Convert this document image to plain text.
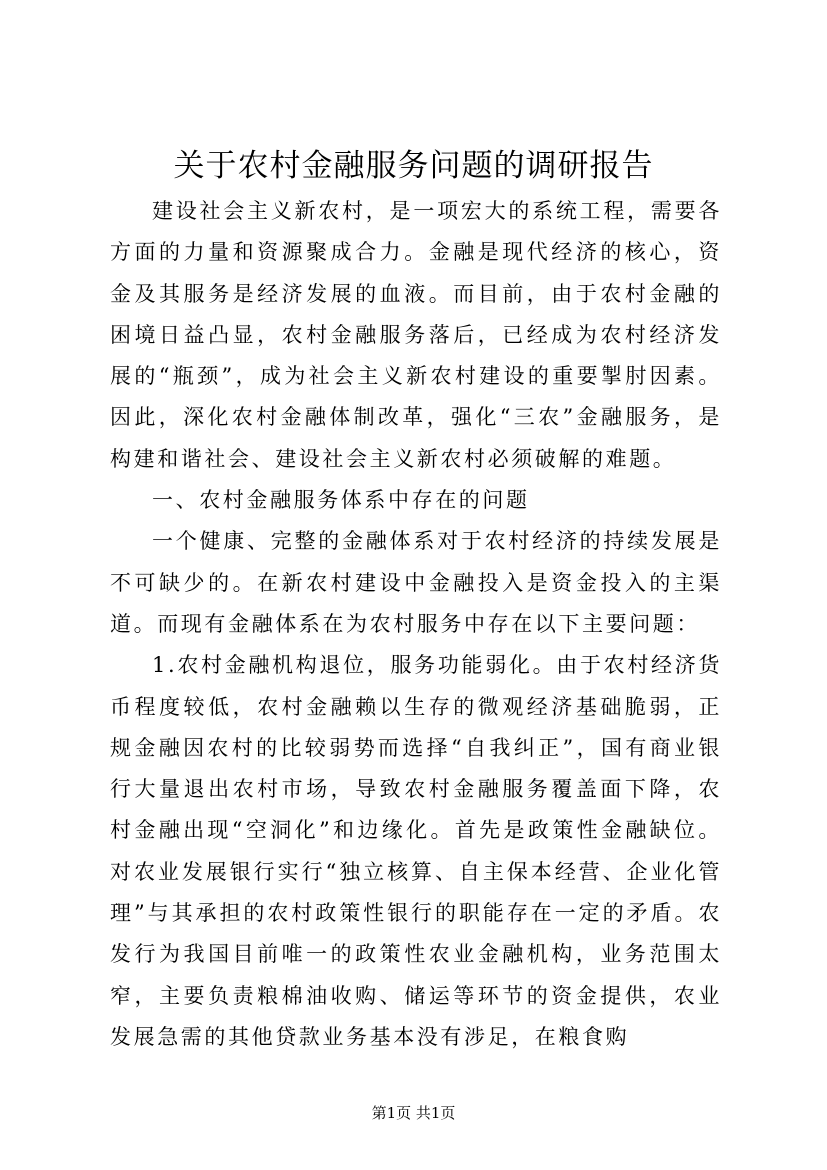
关于农村金融服务问题的调研报告

建设社会主义新农村，是一项宏大的系统工程，需要各方面的力量和资源聚成合力。金融是现代经济的核心，资金及其服务是经济发展的血液。而目前，由于农村金融的困境日益凸显，农村金融服务落后，已经成为农村经济发展的“瓶颈”，成为社会主义新农村建设的重要掣肘因素。因此，深化农村金融体制改革，强化“三农”金融服务，是构建和谐社会、建设社会主义新农村必须破解的难题。

一、农村金融服务体系中存在的问题

一个健康、完整的金融体系对于农村经济的持续发展是不可缺少的。在新农村建设中金融投入是资金投入的主渠道。而现有金融体系在为农村服务中存在以下主要问题：

1.农村金融机构退位，服务功能弱化。由于农村经济货币程度较低，农村金融赖以生存的微观经济基础脆弱，正规金融因农村的比较弱势而选择“自我纠正”，国有商业银行大量退出农村市场，导致农村金融服务覆盖面下降，农村金融出现“空洞化”和边缘化。首先是政策性金融缺位。对农业发展银行实行“独立核算、自主保本经营、企业化管理”与其承担的农村政策性银行的职能存在一定的矛盾。农发行为我国目前唯一的政策性农业金融机构，业务范围太窄，主要负责粮棉油收购、储运等环节的资金提供，农业发展急需的其他贷款业务基本没有涉足，在粮食购

第1页 共1页
